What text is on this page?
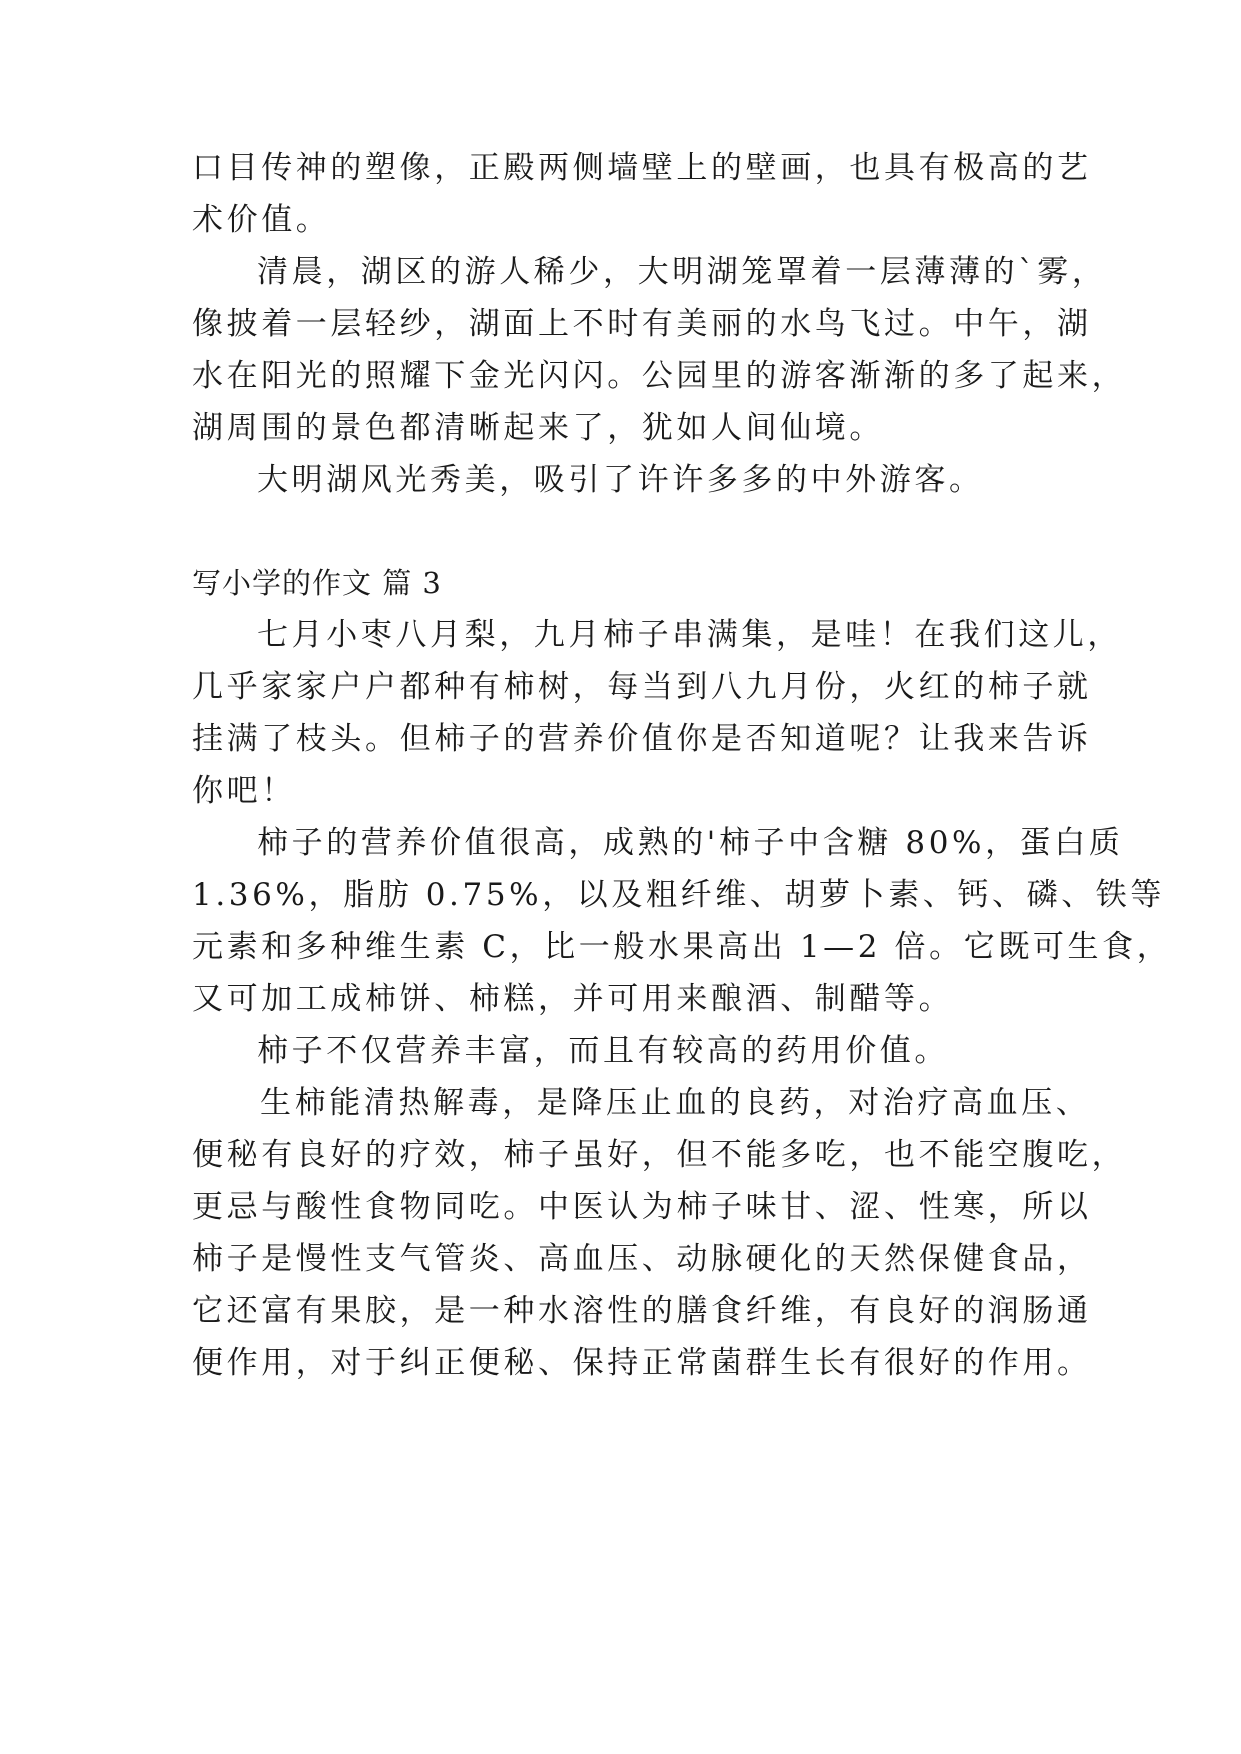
口目传神的塑像，正殿两侧墙壁上的壁画，也具有极高的艺
术价值。
清晨，湖区的游人稀少，大明湖笼罩着一层薄薄的`雾，
像披着一层轻纱，湖面上不时有美丽的水鸟飞过。中午，湖
水在阳光的照耀下金光闪闪。公园里的游客渐渐的多了起来，
湖周围的景色都清晰起来了，犹如人间仙境。
大明湖风光秀美，吸引了许许多多的中外游客。
写小学的作文 篇 3
七月小枣八月梨，九月柿子串满集，是哇！在我们这儿，
几乎家家户户都种有柿树，每当到八九月份，火红的柿子就
挂满了枝头。但柿子的营养价值你是否知道呢？让我来告诉
你吧！
柿子的营养价值很高，成熟的'柿子中含糖 80%，蛋白质
1.36%，脂肪 0.75%，以及粗纤维、胡萝卜素、钙、磷、铁等
元素和多种维生素 C，比一般水果高出 1—2 倍。它既可生食，
又可加工成柿饼、柿糕，并可用来酿酒、制醋等。
柿子不仅营养丰富，而且有较高的药用价值。
生柿能清热解毒，是降压止血的良药，对治疗高血压、
便秘有良好的疗效，柿子虽好，但不能多吃，也不能空腹吃，
更忌与酸性食物同吃。中医认为柿子味甘、涩、性寒，所以
柿子是慢性支气管炎、高血压、动脉硬化的天然保健食品，
它还富有果胶，是一种水溶性的膳食纤维，有良好的润肠通
便作用，对于纠正便秘、保持正常菌群生长有很好的作用。
